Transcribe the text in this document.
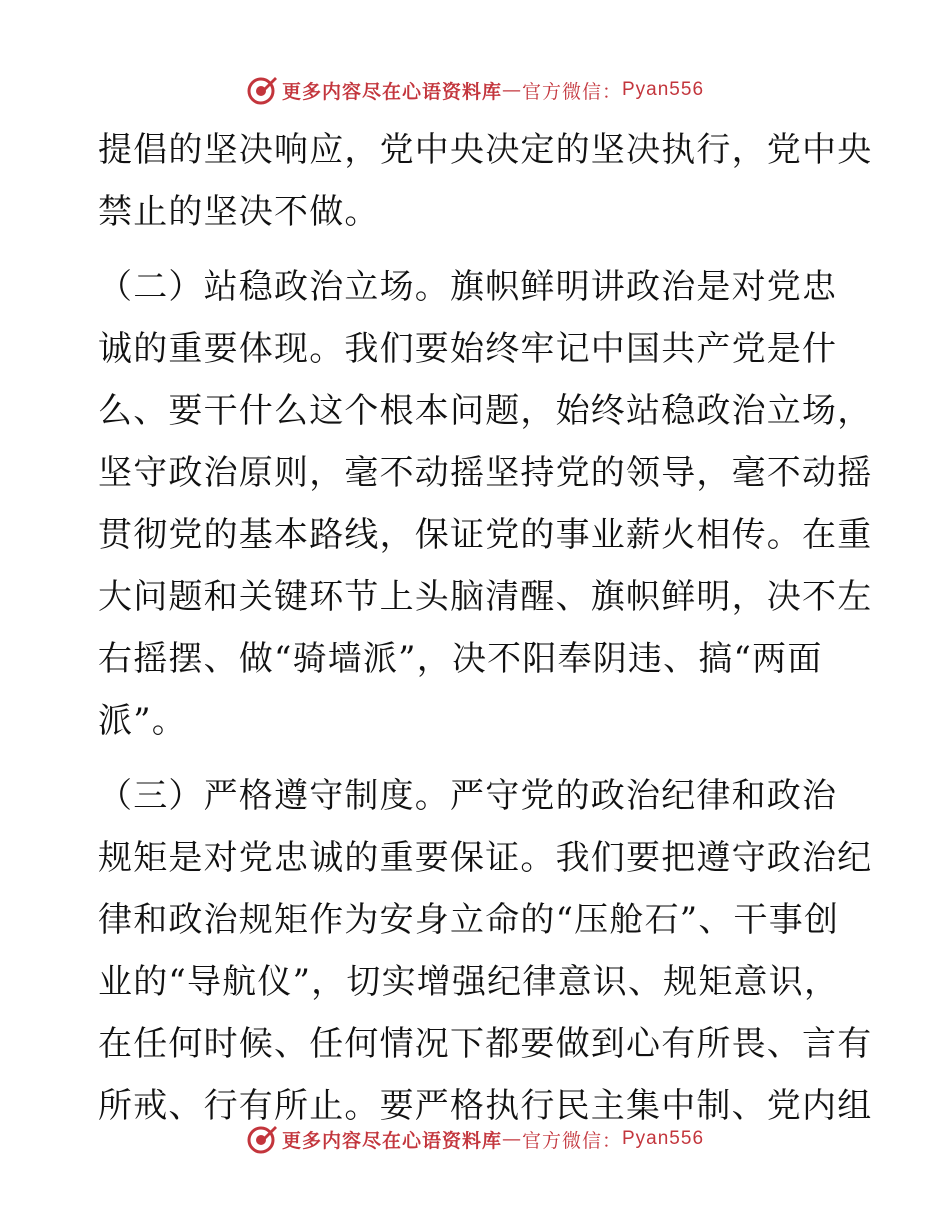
更多内容尽在心语资料库 — 官方微信： Pyan556
提倡的坚决响应，党中央决定的坚决执行，党中央
禁止的坚决不做。
（二）站稳政治立场。旗帜鲜明讲政治是对党忠
诚的重要体现。我们要始终牢记中国共产党是什
么、要干什么这个根本问题，始终站稳政治立场，
坚守政治原则，毫不动摇坚持党的领导，毫不动摇
贯彻党的基本路线，保证党的事业薪火相传。在重
大问题和关键环节上头脑清醒、旗帜鲜明，决不左
右摇摆、做“骑墙派”，决不阳奉阴违、搞“两面
派”。
（三）严格遵守制度。严守党的政治纪律和政治
规矩是对党忠诚的重要保证。我们要把遵守政治纪
律和政治规矩作为安身立命的“压舱石”、干事创
业的“导航仪”，切实增强纪律意识、规矩意识，
在任何时候、任何情况下都要做到心有所畏、言有
所戒、行有所止。要严格执行民主集中制、党内组
更多内容尽在心语资料库 — 官方微信： Pyan556
